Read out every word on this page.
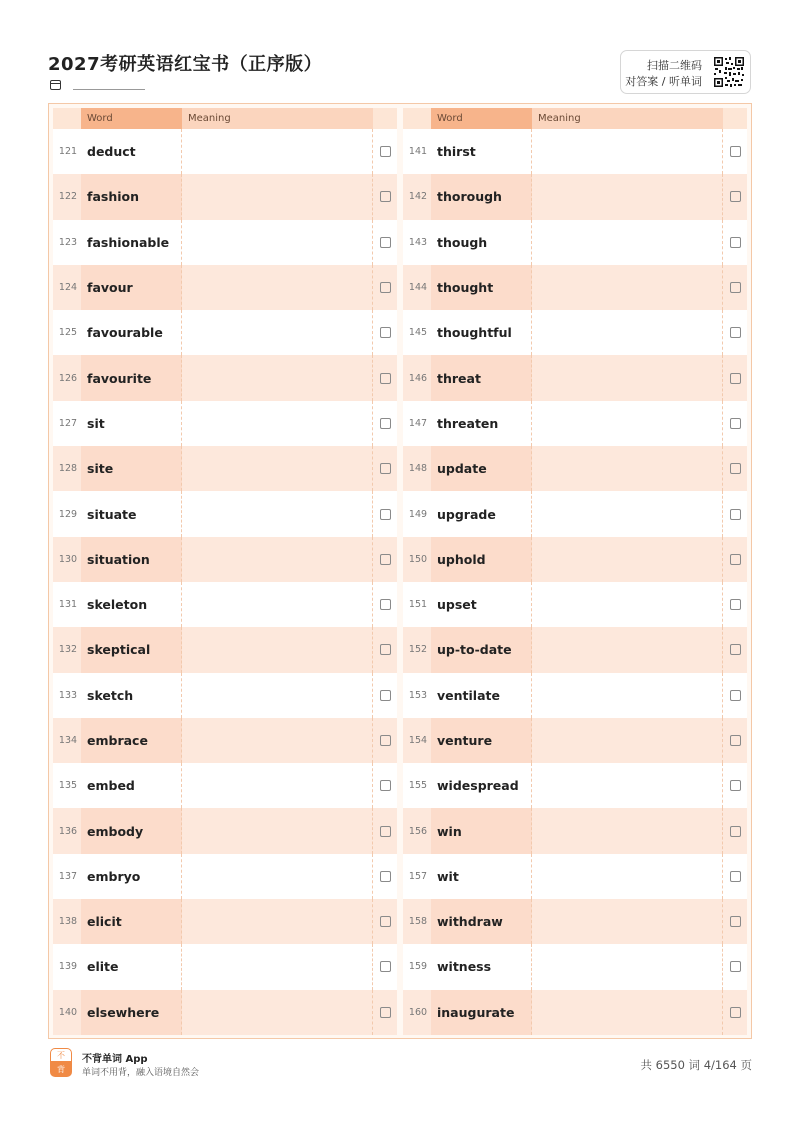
2027考研英语红宝书（正序版）	扫描二维码
对答案 / 听单词
Word	Meaning
121 deduct
122 fashion
123 fashionable
124 favour
125 favourable
126 favourite
127 sit
128 site
129 situate
130 situation
131 skeleton
132 skeptical
133 sketch
134 embrace
135 embed
136 embody
137 embryo
138 elicit
139 elite
140 elsewhere
Word	Meaning
141 thirst
142 thorough
143 though
144 thought
145 thoughtful
146 threat
147 threaten
148 update
149 upgrade
150 uphold
151 upset
152 up-to-date
153 ventilate
154 venture
155 widespread
156 win
157 wit
158 withdraw
159 witness
160 inaugurate
不
背
不背单词 App
单词不用背，融入语境自然会
共 6550 词 4/164 页
